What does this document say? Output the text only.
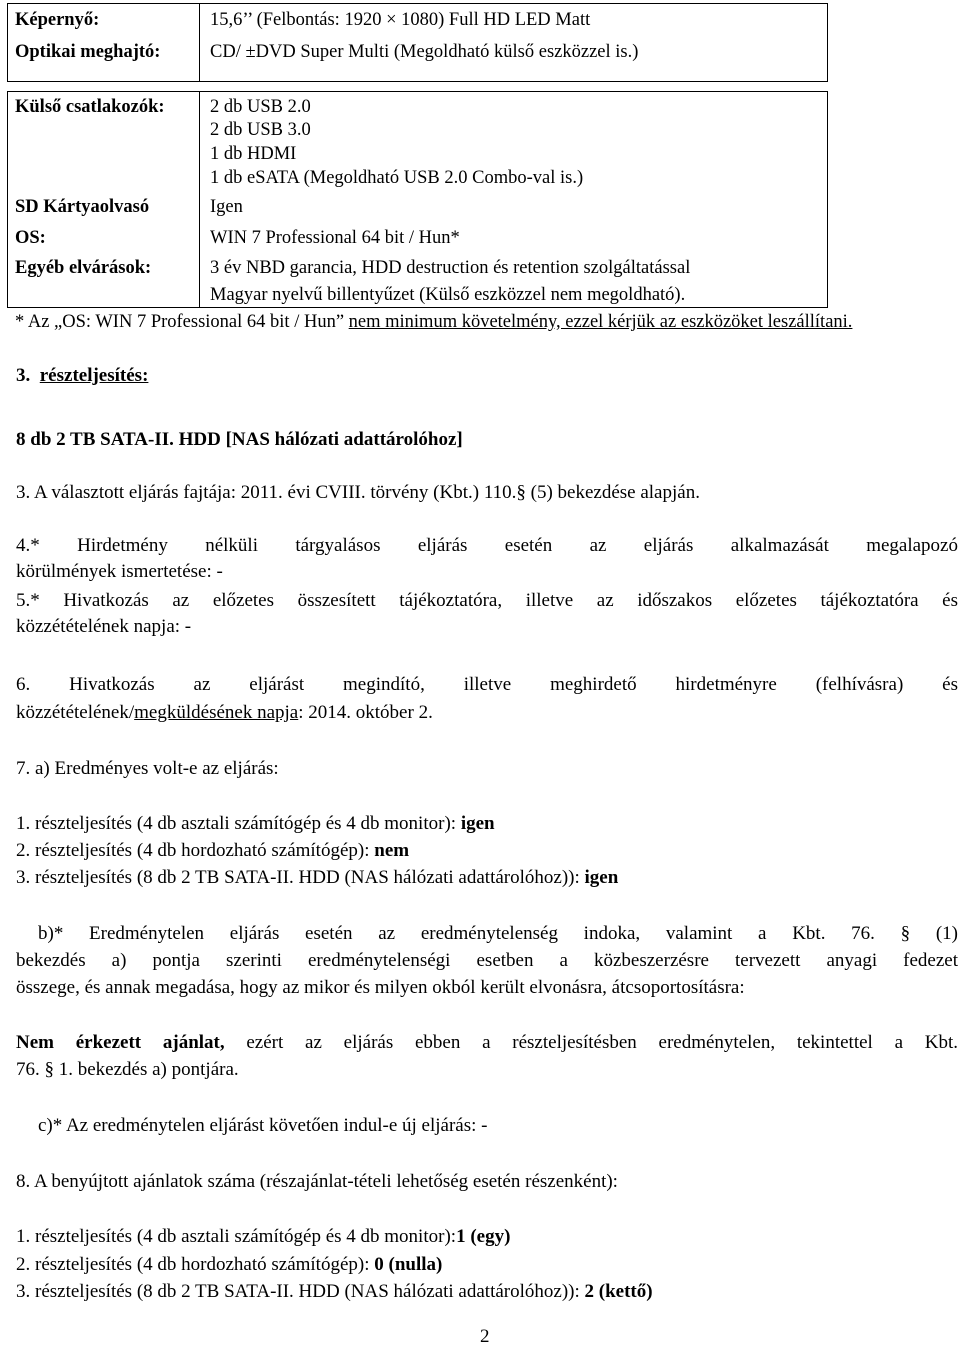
Képernyő:	15,6’’ (Felbontás: 1920 × 1080) Full HD LED Matt
Optikai meghajtó:	CD/ ±DVD Super Multi (Megoldható külső eszközzel is.)
Külső csatlakozók: 2 db USB 2.0
2 db USB 3.0
1 db HDMI
1 db eSATA (Megoldható USB 2.0 Combo-val is.)
SD Kártyaolvasó	Igen
OS:	WIN 7 Professional 64 bit / Hun*
Egyéb elvárások:	3 év NBD garancia, HDD destruction és retention szolgáltatással
Magyar nyelvű billentyűzet (Külső eszközzel nem megoldható).
* Az „OS: WIN 7 Professional 64 bit / Hun” nem minimum követelmény, ezzel kérjük az eszközöket leszállítani.
3. részteljesítés:
8 db 2 TB SATA-II. HDD [NAS hálózati adattárolóhoz]
3. A választott eljárás fajtája: 2011. évi CVIII. törvény (Kbt.) 110.§ (5) bekezdése alapján.
4.* Hirdetmény nélküli tárgyalásos eljárás esetén az eljárás alkalmazását megalapozó
körülmények ismertetése: -
5.* Hivatkozás az előzetes összesített tájékoztatóra, illetve az időszakos előzetes tájékoztatóra és
közzétételének napja: -
6. Hivatkozás az eljárást megindító, illetve meghirdető hirdetményre (felhívásra) és
közzétételének/megküldésének napja: 2014. október 2.
7. a) Eredményes volt-e az eljárás:
1. részteljesítés (4 db asztali számítógép és 4 db monitor): igen
2. részteljesítés (4 db hordozható számítógép): nem
3. részteljesítés (8 db 2 TB SATA-II. HDD (NAS hálózati adattárolóhoz)): igen
b)* Eredménytelen eljárás esetén az eredménytelenség indoka, valamint a Kbt. 76. § (1)
bekezdés a) pontja szerinti eredménytelenségi esetben a közbeszerzésre tervezett anyagi fedezet
összege, és annak megadása, hogy az mikor és milyen okból került elvonásra, átcsoportosításra:
Nem érkezett ajánlat, ezért az eljárás ebben a részteljesítésben eredménytelen, tekintettel a Kbt.
76. § 1. bekezdés a) pontjára.
c)* Az eredménytelen eljárást követően indul-e új eljárás: -
8. A benyújtott ajánlatok száma (részajánlat-tételi lehetőség esetén részenként):
1. részteljesítés (4 db asztali számítógép és 4 db monitor):1 (egy)
2. részteljesítés (4 db hordozható számítógép): 0 (nulla)
3. részteljesítés (8 db 2 TB SATA-II. HDD (NAS hálózati adattárolóhoz)): 2 (kettő)
2
